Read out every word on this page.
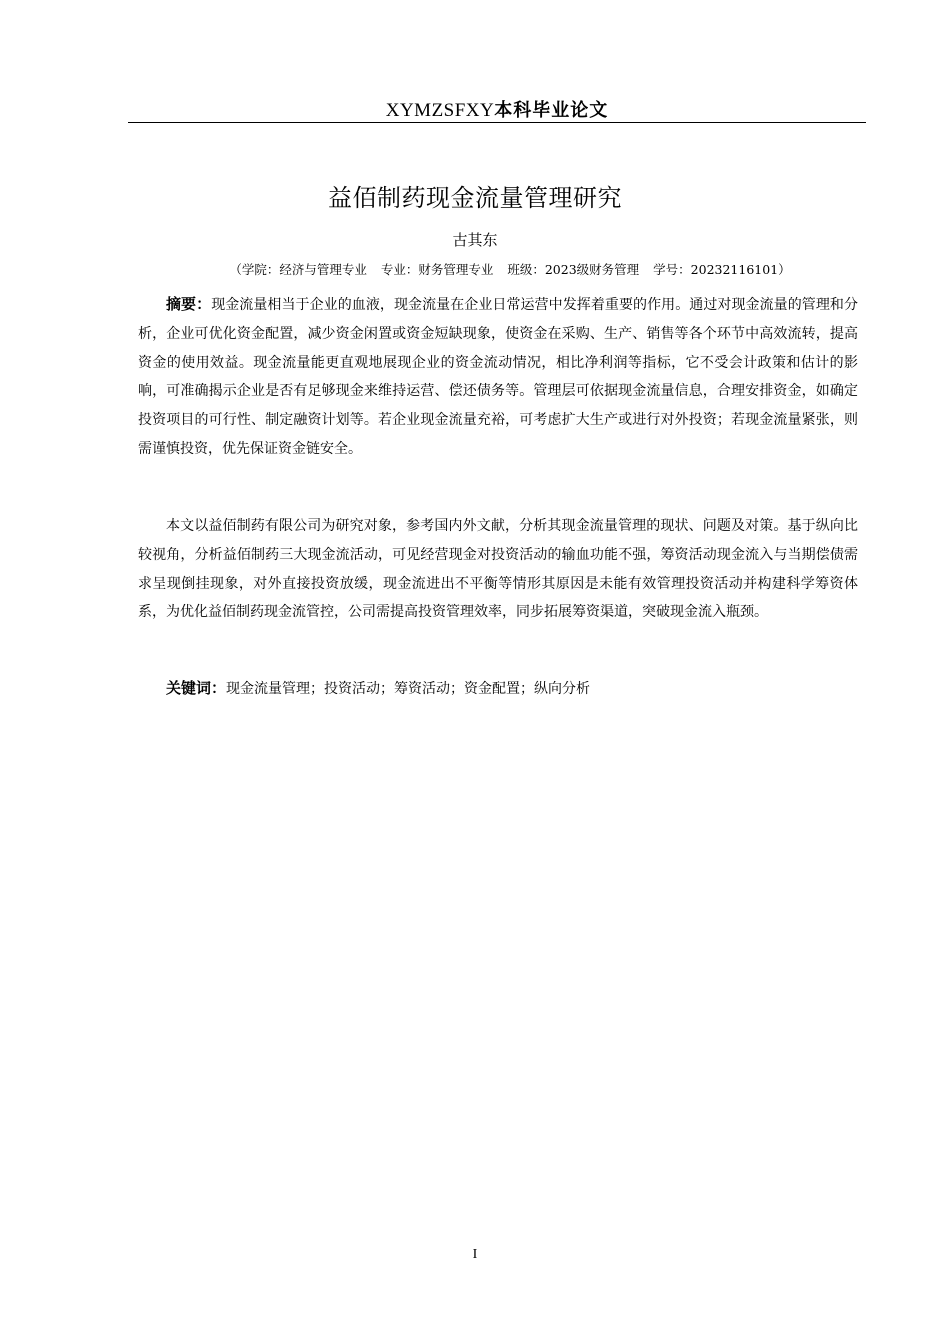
XYMZSFXY本科毕业论文
益佰制药现金流量管理研究
古其东
（学院：经济与管理专业 专业：财务管理专业 班级：2023级财务管理 学号：20232116101）

摘要：现金流量相当于企业的血液，现金流量在企业日常运营中发挥着重要的作用。通过对现金流量的管理和分析，企业可优化资金配置，减少资金闲置或资金短缺现象，使资金在采购、生产、销售等各个环节中高效流转，提高资金的使用效益。现金流量能更直观地展现企业的资金流动情况，相比净利润等指标，它不受会计政策和估计的影响，可准确揭示企业是否有足够现金来维持运营、偿还债务等。管理层可依据现金流量信息，合理安排资金，如确定投资项目的可行性、制定融资计划等。若企业现金流量充裕，可考虑扩大生产或进行对外投资；若现金流量紧张，则需谨慎投资，优先保证资金链安全。

本文以益佰制药有限公司为研究对象，参考国内外文献，分析其现金流量管理的现状、问题及对策。基于纵向比较视角，分析益佰制药三大现金流活动，可见经营现金对投资活动的输血功能不强，筹资活动现金流入与当期偿债需求呈现倒挂现象，对外直接投资放缓，现金流进出不平衡等情形其原因是未能有效管理投资活动并构建科学筹资体系，为优化益佰制药现金流管控，公司需提高投资管理效率，同步拓展筹资渠道，突破现金流入瓶颈。

关键词：现金流量管理；投资活动；筹资活动；资金配置；纵向分析

I
